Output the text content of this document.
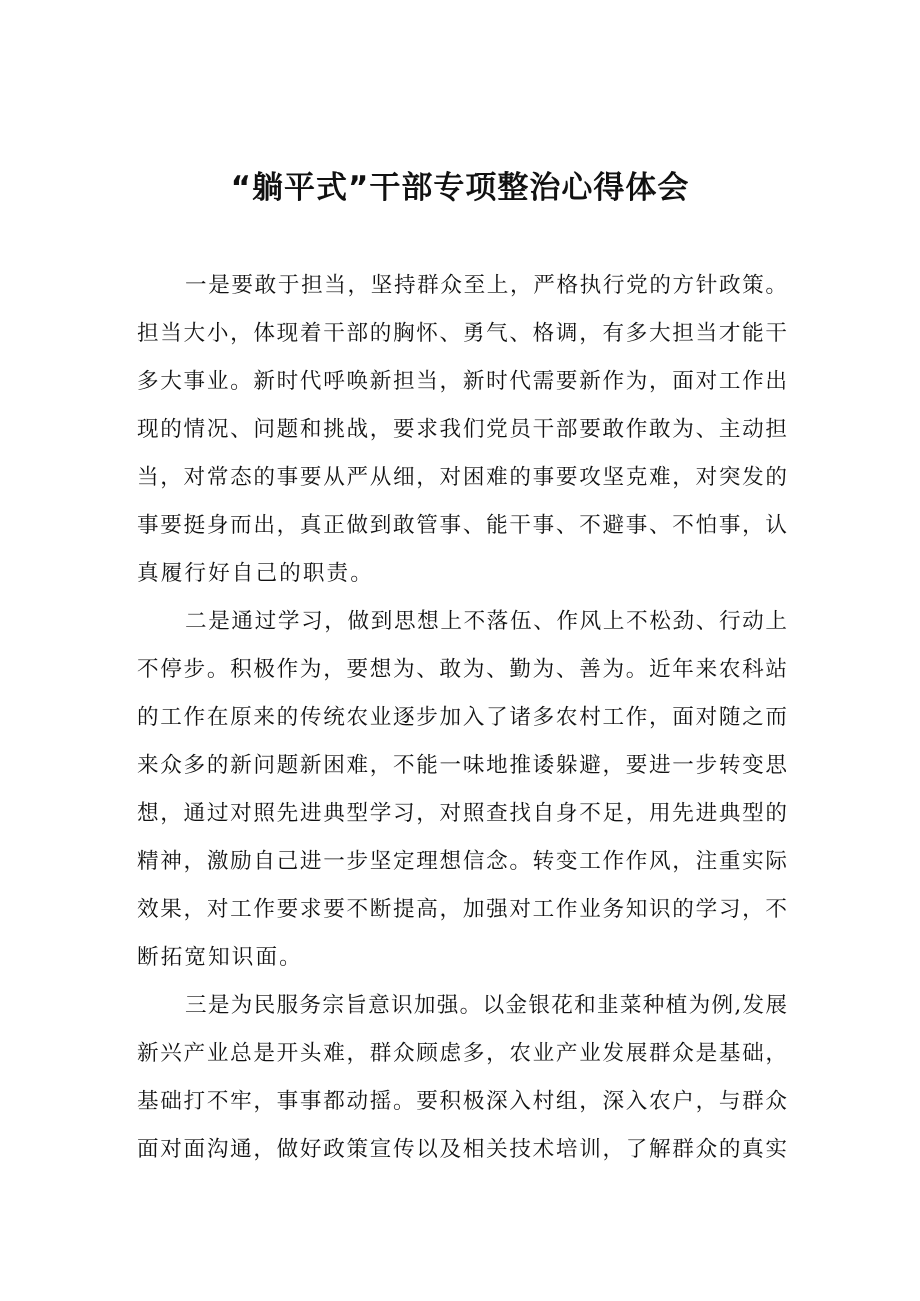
“躺平式”干部专项整治心得体会
一是要敢于担当，坚持群众至上，严格执行党的方针政策。
担当大小，体现着干部的胸怀、勇气、格调，有多大担当才能干
多大事业。新时代呼唤新担当，新时代需要新作为，面对工作出
现的情况、问题和挑战，要求我们党员干部要敢作敢为、主动担
当，对常态的事要从严从细，对困难的事要攻坚克难，对突发的
事要挺身而出，真正做到敢管事、能干事、不避事、不怕事，认
真履行好自己的职责。
二是通过学习，做到思想上不落伍、作风上不松劲、行动上
不停步。积极作为，要想为、敢为、勤为、善为。近年来农科站
的工作在原来的传统农业逐步加入了诸多农村工作，面对随之而
来众多的新问题新困难，不能一味地推诿躲避，要进一步转变思
想，通过对照先进典型学习，对照查找自身不足，用先进典型的
精神，激励自己进一步坚定理想信念。转变工作作风，注重实际
效果，对工作要求要不断提高，加强对工作业务知识的学习，不
断拓宽知识面。
三是为民服务宗旨意识加强。以金银花和韭菜种植为例,发展
新兴产业总是开头难，群众顾虑多，农业产业发展群众是基础，
基础打不牢，事事都动摇。要积极深入村组，深入农户，与群众
面对面沟通，做好政策宣传以及相关技术培训，了解群众的真实
